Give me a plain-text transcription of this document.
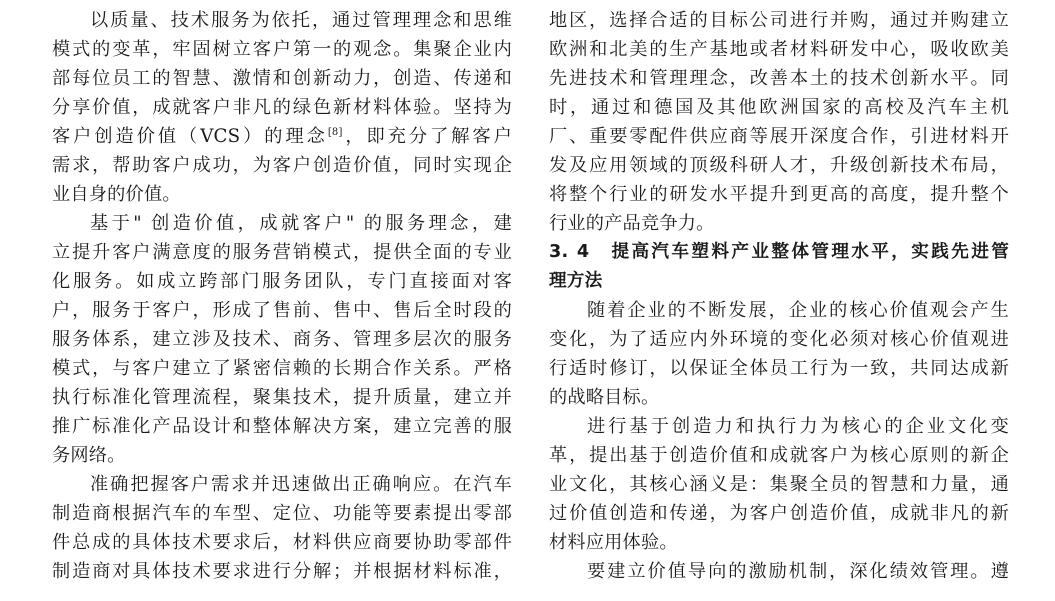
以质量、技术服务为依托，通过管理理念和思维
模式的变革，牢固树立客户第一的观念。集聚企业内
部每位员工的智慧、激情和创新动力，创造、传递和
分享价值，成就客户非凡的绿色新材料体验。坚持为
客户创造价值（VCS）的理念[8]，即充分了解客户
需求，帮助客户成功，为客户创造价值，同时实现企
业自身的价值。
基于" 创造价值，成就客户" 的服务理念，建
立提升客户满意度的服务营销模式，提供全面的专业
化服务。如成立跨部门服务团队，专门直接面对客
户，服务于客户，形成了售前、售中、售后全时段的
服务体系，建立涉及技术、商务、管理多层次的服务
模式，与客户建立了紧密信赖的长期合作关系。严格
执行标准化管理流程，聚集技术，提升质量，建立并
推广标准化产品设计和整体解决方案，建立完善的服
务网络。
准确把握客户需求并迅速做出正确响应。在汽车
制造商根据汽车的车型、定位、功能等要素提出零部
件总成的具体技术要求后，材料供应商要协助零部件
制造商对具体技术要求进行分解；并根据材料标准，
地区，选择合适的目标公司进行并购，通过并购建立
欧洲和北美的生产基地或者材料研发中心，吸收欧美
先进技术和管理理念，改善本土的技术创新水平。同
时，通过和德国及其他欧洲国家的高校及汽车主机
厂、重要零配件供应商等展开深度合作，引进材料开
发及应用领域的顶级科研人才，升级创新技术布局，
将整个行业的研发水平提升到更高的高度，提升整个
行业的产品竞争力。
3. 4　提高汽车塑料产业整体管理水平，实践先进管
理方法
随着企业的不断发展，企业的核心价值观会产生
变化，为了适应内外环境的变化必须对核心价值观进
行适时修订，以保证全体员工行为一致，共同达成新
的战略目标。
进行基于创造力和执行力为核心的企业文化变
革，提出基于创造价值和成就客户为核心原则的新企
业文化，其核心涵义是：集聚全员的智慧和力量，通
过价值创造和传递，为客户创造价值，成就非凡的新
材料应用体验。
要建立价值导向的激励机制，深化绩效管理。遵
